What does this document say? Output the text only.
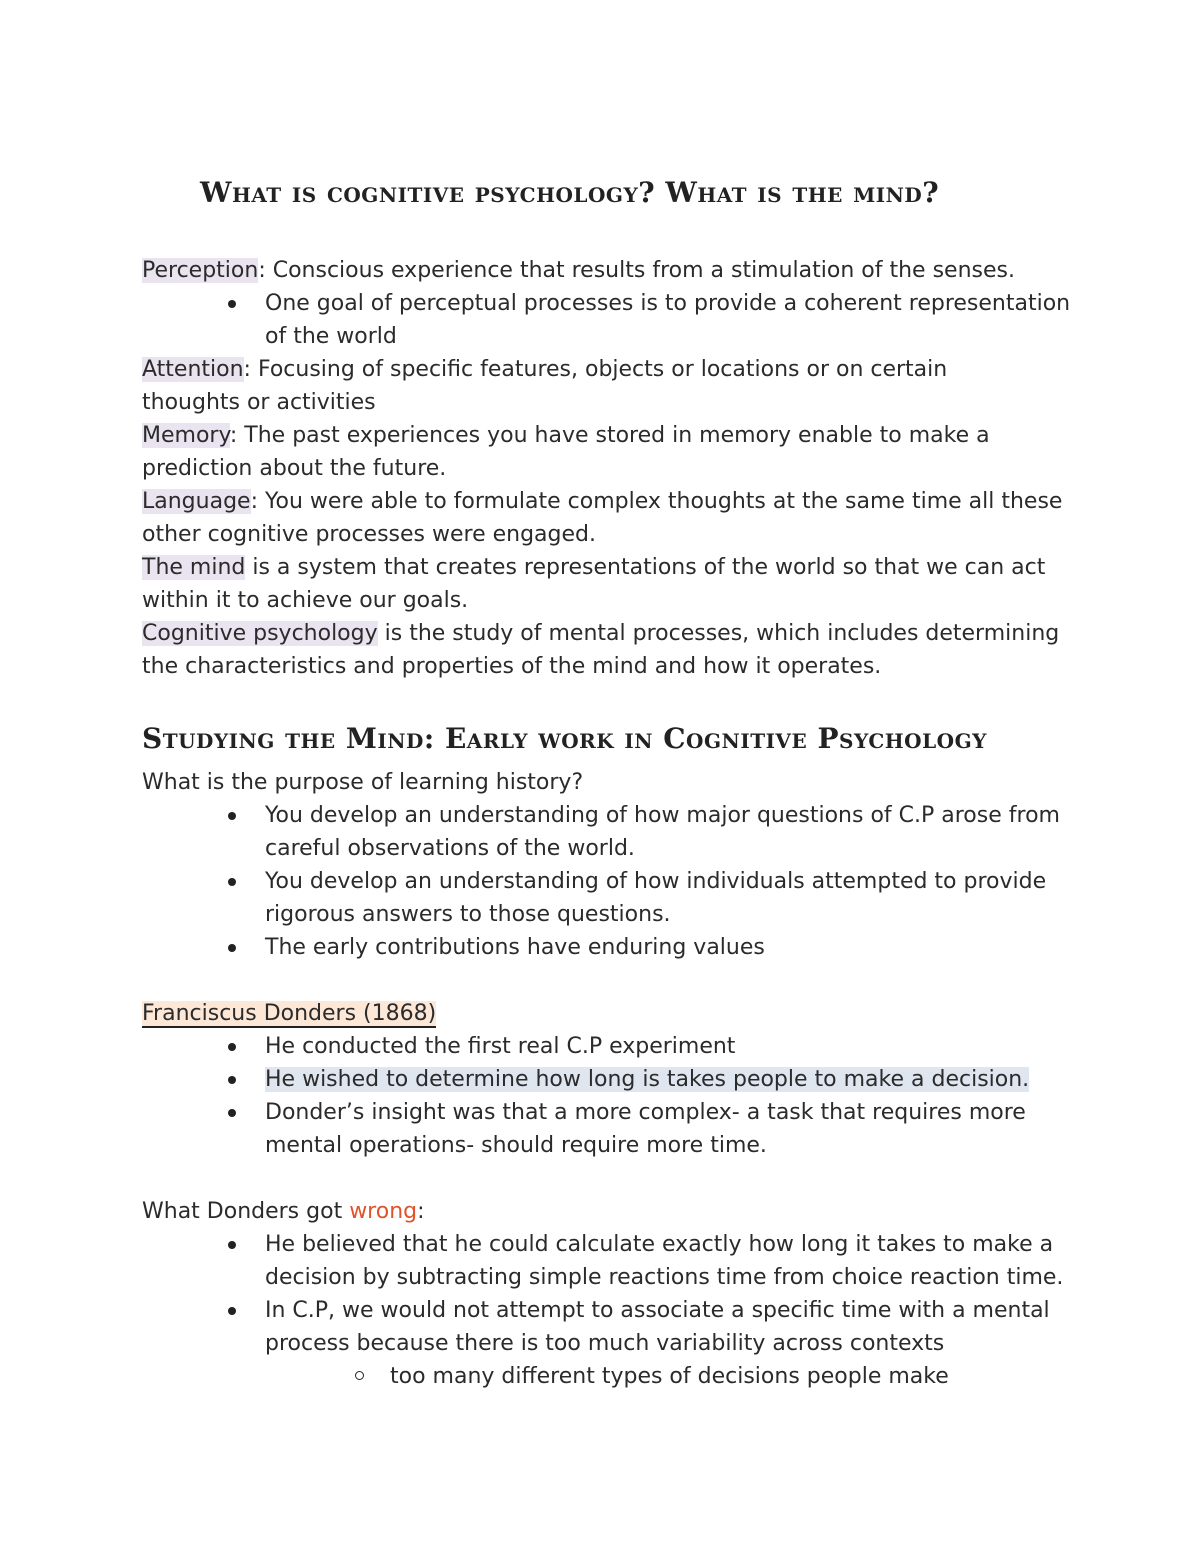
What is cognitive psychology? What is the mind?
Perception: Conscious experience that results from a stimulation of the senses.
One goal of perceptual processes is to provide a coherent representation
of the world
Attention: Focusing of specific features, objects or locations or on certain
thoughts or activities
Memory: The past experiences you have stored in memory enable to make a
prediction about the future.
Language: You were able to formulate complex thoughts at the same time all these
other cognitive processes were engaged.
The mind is a system that creates representations of the world so that we can act
within it to achieve our goals.
Cognitive psychology is the study of mental processes, which includes determining
the characteristics and properties of the mind and how it operates.
Studying the Mind: Early work in Cognitive Psychology
What is the purpose of learning history?
You develop an understanding of how major questions of C.P arose from
careful observations of the world.
You develop an understanding of how individuals attempted to provide
rigorous answers to those questions.
The early contributions have enduring values
Franciscus Donders (1868)
He conducted the first real C.P experiment
He wished to determine how long is takes people to make a decision.
Donder’s insight was that a more complex- a task that requires more
mental operations- should require more time.
What Donders got wrong:
He believed that he could calculate exactly how long it takes to make a
decision by subtracting simple reactions time from choice reaction time.
In C.P, we would not attempt to associate a specific time with a mental
process because there is too much variability across contexts
too many different types of decisions people make
